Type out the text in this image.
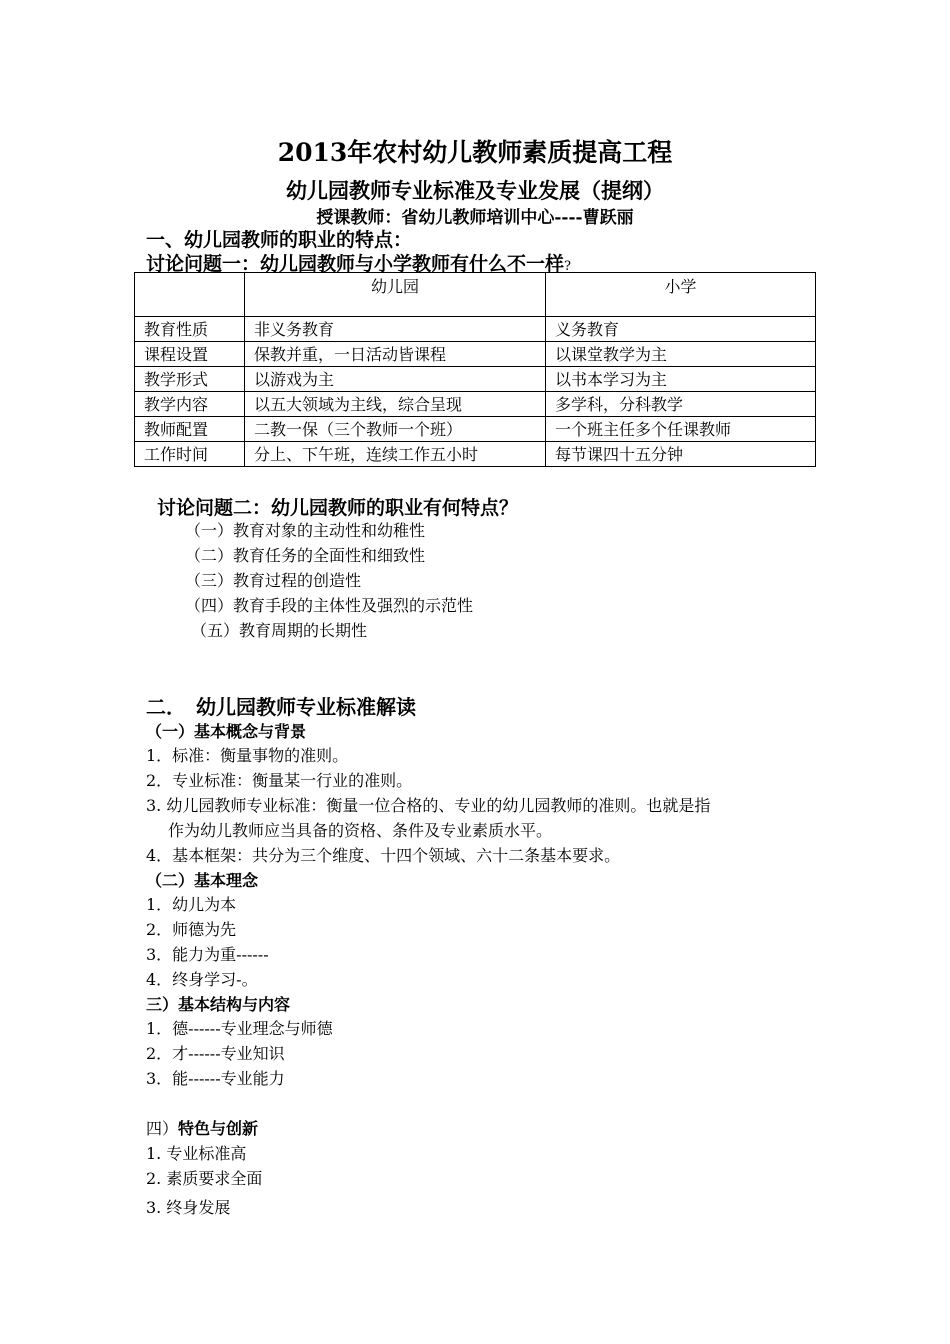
2013年农村幼儿教师素质提高工程
幼儿园教师专业标准及专业发展（提纲）
授课教师：省幼儿教师培训中心----曹跃丽
一、幼儿园教师的职业的特点：
讨论问题一：幼儿园教师与小学教师有什么不一样?
	幼儿园	小学
教育性质	非义务教育	义务教育
课程设置	保教并重，一日活动皆课程	以课堂教学为主
教学形式	以游戏为主	以书本学习为主
教学内容	以五大领域为主线，综合呈现	多学科，分科教学
教师配置	二教一保（三个教师一个班）	一个班主任多个任课教师
工作时间	分上、下午班，连续工作五小时	每节课四十五分钟
讨论问题二：幼儿园教师的职业有何特点？
（一）教育对象的主动性和幼稚性
（二）教育任务的全面性和细致性
（三）教育过程的创造性
（四）教育手段的主体性及强烈的示范性
（五）教育周期的长期性
二．　幼儿园教师专业标准解读
（一）基本概念与背景
1．标准：衡量事物的准则。
2．专业标准：衡量某一行业的准则。
3. 幼儿园教师专业标准：衡量一位合格的、专业的幼儿园教师的准则。也就是指
作为幼儿教师应当具备的资格、条件及专业素质水平。
4．基本框架：共分为三个维度、十四个领域、六十二条基本要求。
（二）基本理念
1．幼儿为本
2．师德为先
3．能力为重------
4．终身学习-。
三）基本结构与内容
1．德------专业理念与师德
2．才------专业知识
3．能------专业能力
四）特色与创新
1. 专业标准高
2. 素质要求全面
3. 终身发展
